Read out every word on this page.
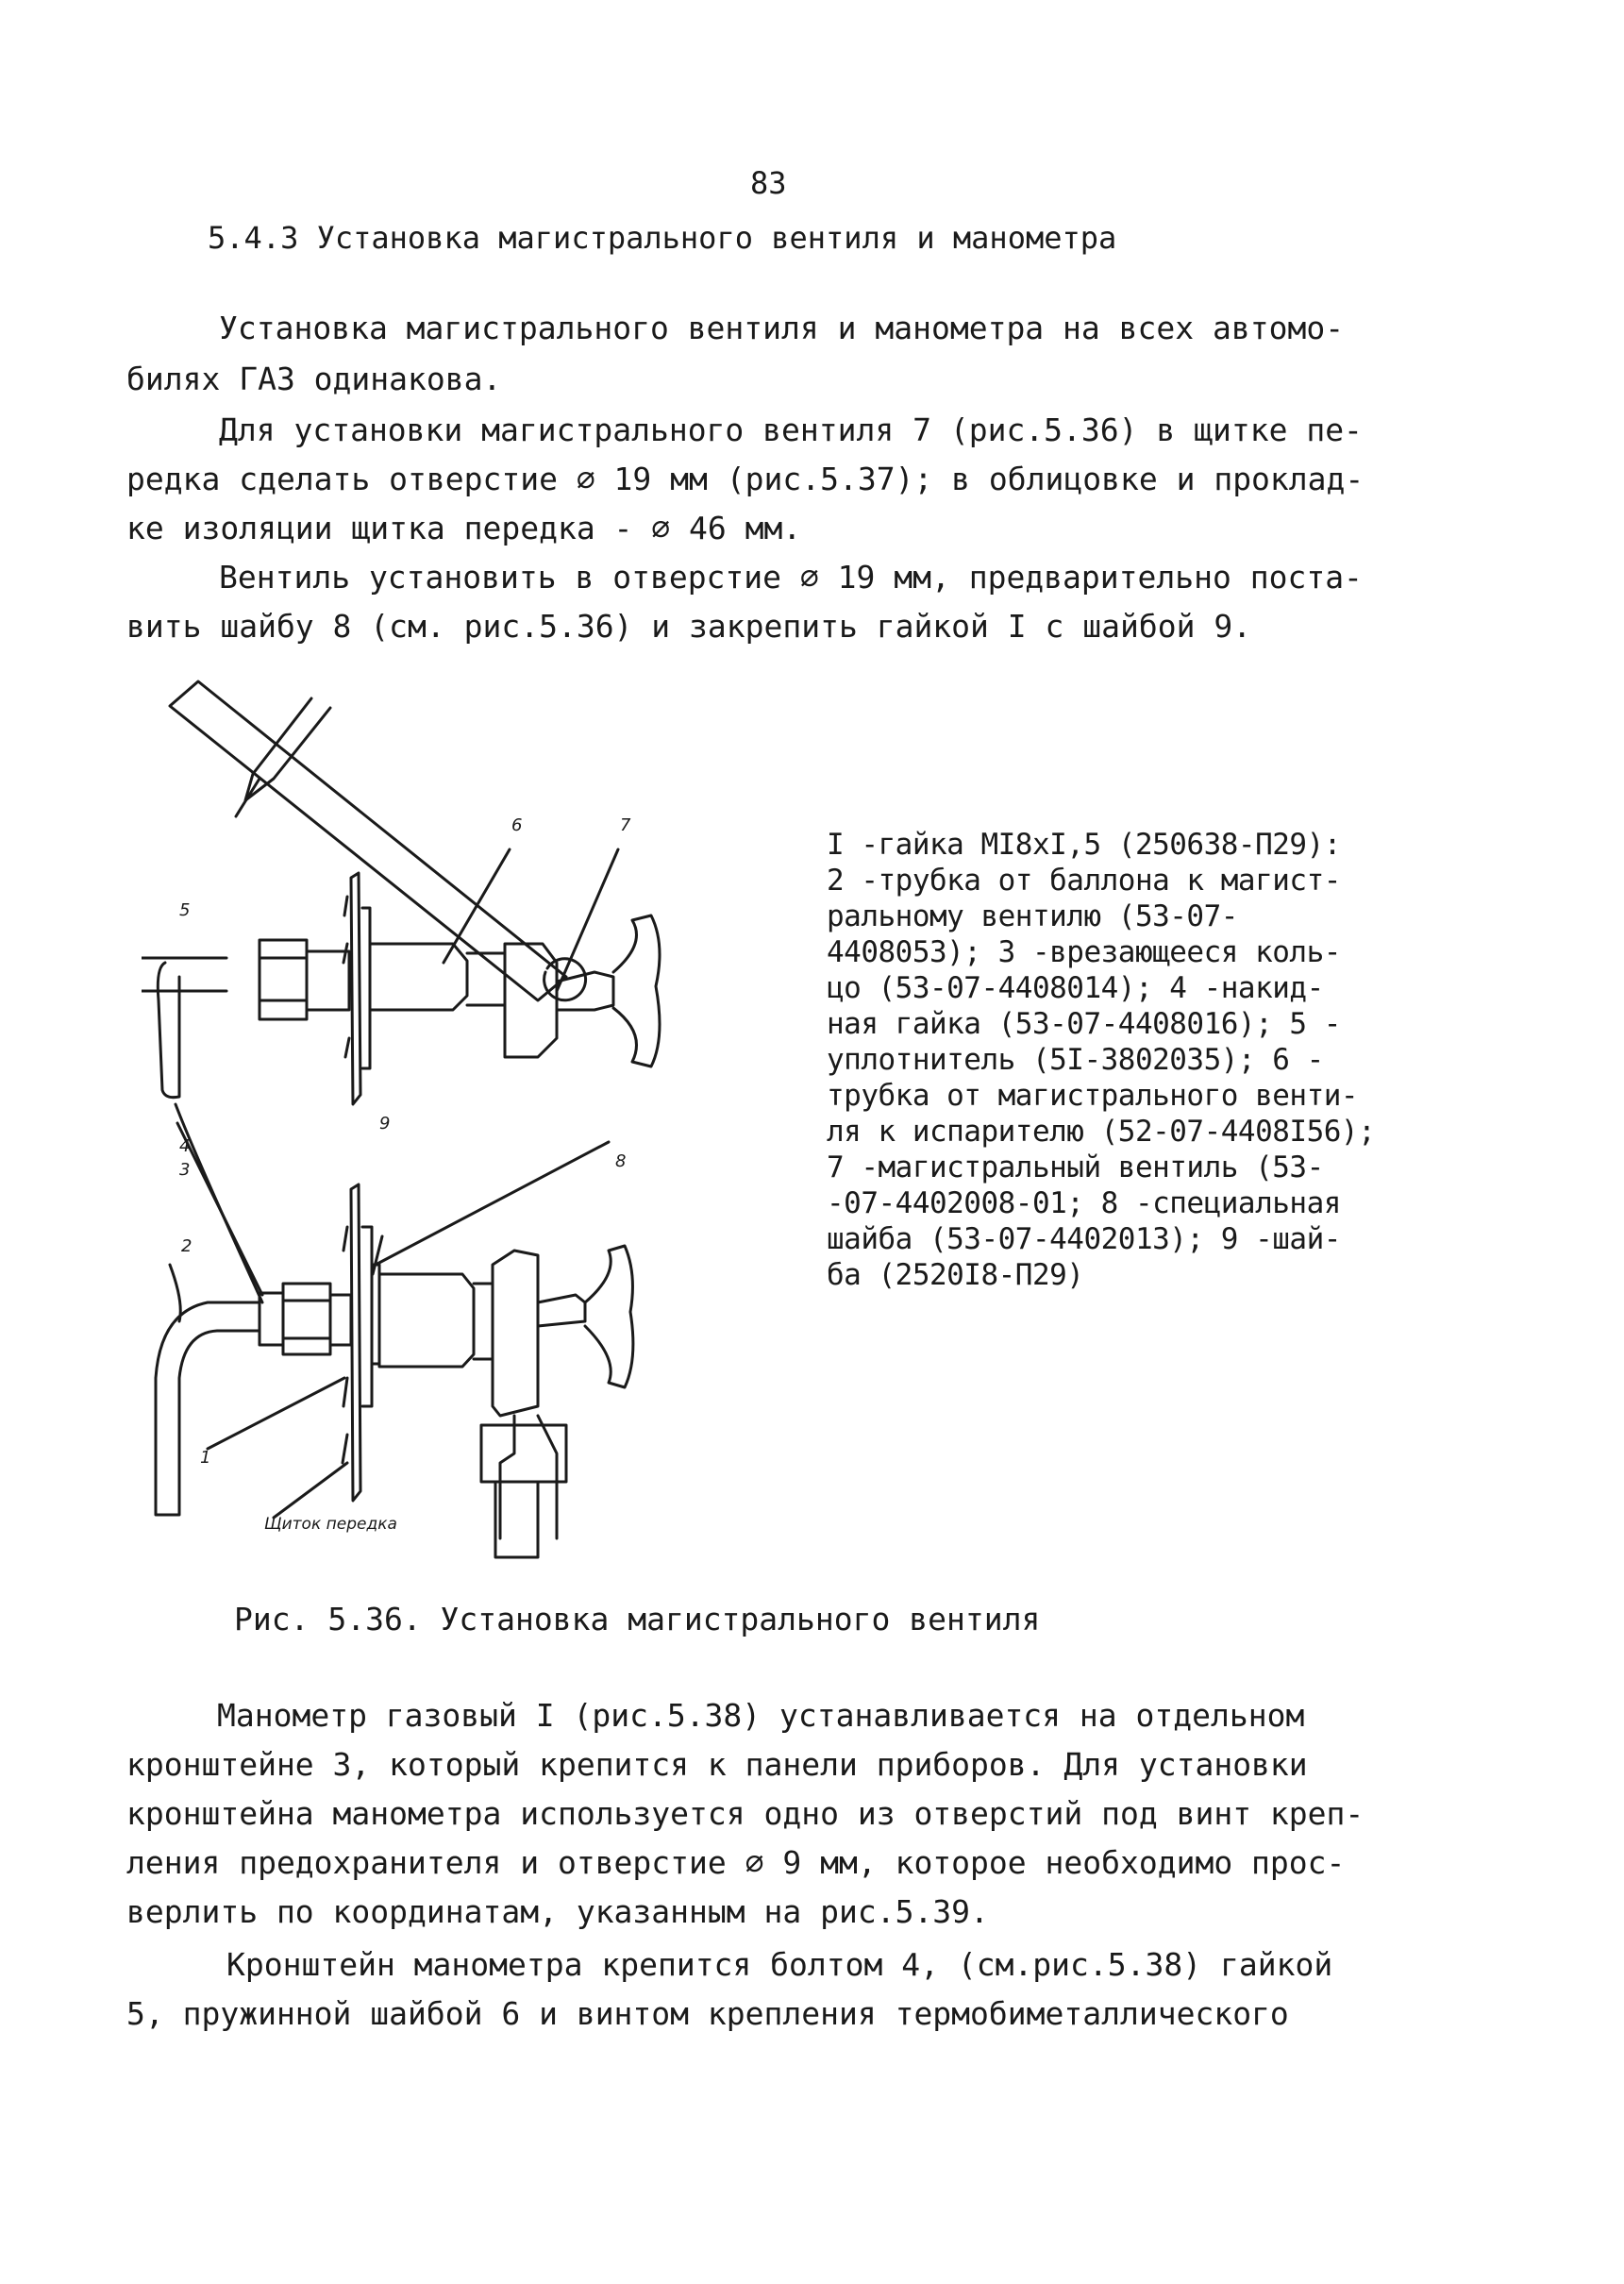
83
5.4.3 Установка магистрального вентиля и манометра
Установка магистрального вентиля и манометра на всех автомо-
билях ГАЗ одинакова.
Для установки магистрального вентиля 7 (рис.5.36) в щитке пе-
редка сделать отверстие ∅ 19 мм (рис.5.37); в облицовке и проклад-
ке изоляции щитка передка - ∅ 46 мм.
Вентиль установить в отверстие ∅ 19 мм, предварительно поста-
вить шайбу 8 (см. рис.5.36) и закрепить гайкой I с шайбой 9.
5
6	7
4
3
9
8
2
1
Щиток передка
I -гайка MI8xI,5 (250638-П29):
2 -трубка от баллона к магист-
ральному вентилю (53-07-
4408053); 3 -врезающееся коль-
цо (53-07-4408014); 4 -накид-
ная гайка (53-07-4408016); 5 -
уплотнитель (5I-3802035); 6 -
трубка от магистрального венти-
ля к испарителю (52-07-4408I56);
7 -магистральный вентиль (53-
-07-4402008-01; 8 -специальная
шайба (53-07-4402013); 9 -шай-
ба (2520I8-П29)
Рис. 5.36. Установка магистрального вентиля
Манометр газовый I (рис.5.38) устанавливается на отдельном
кронштейне 3, который крепится к панели приборов. Для установки
кронштейна манометра используется одно из отверстий под винт креп-
ления предохранителя и отверстие ∅ 9 мм, которое необходимо прос-
верлить по координатам, указанным на рис.5.39.
Кронштейн манометра крепится болтом 4, (см.рис.5.38) гайкой
5, пружинной шайбой 6 и винтом крепления термобиметаллического
